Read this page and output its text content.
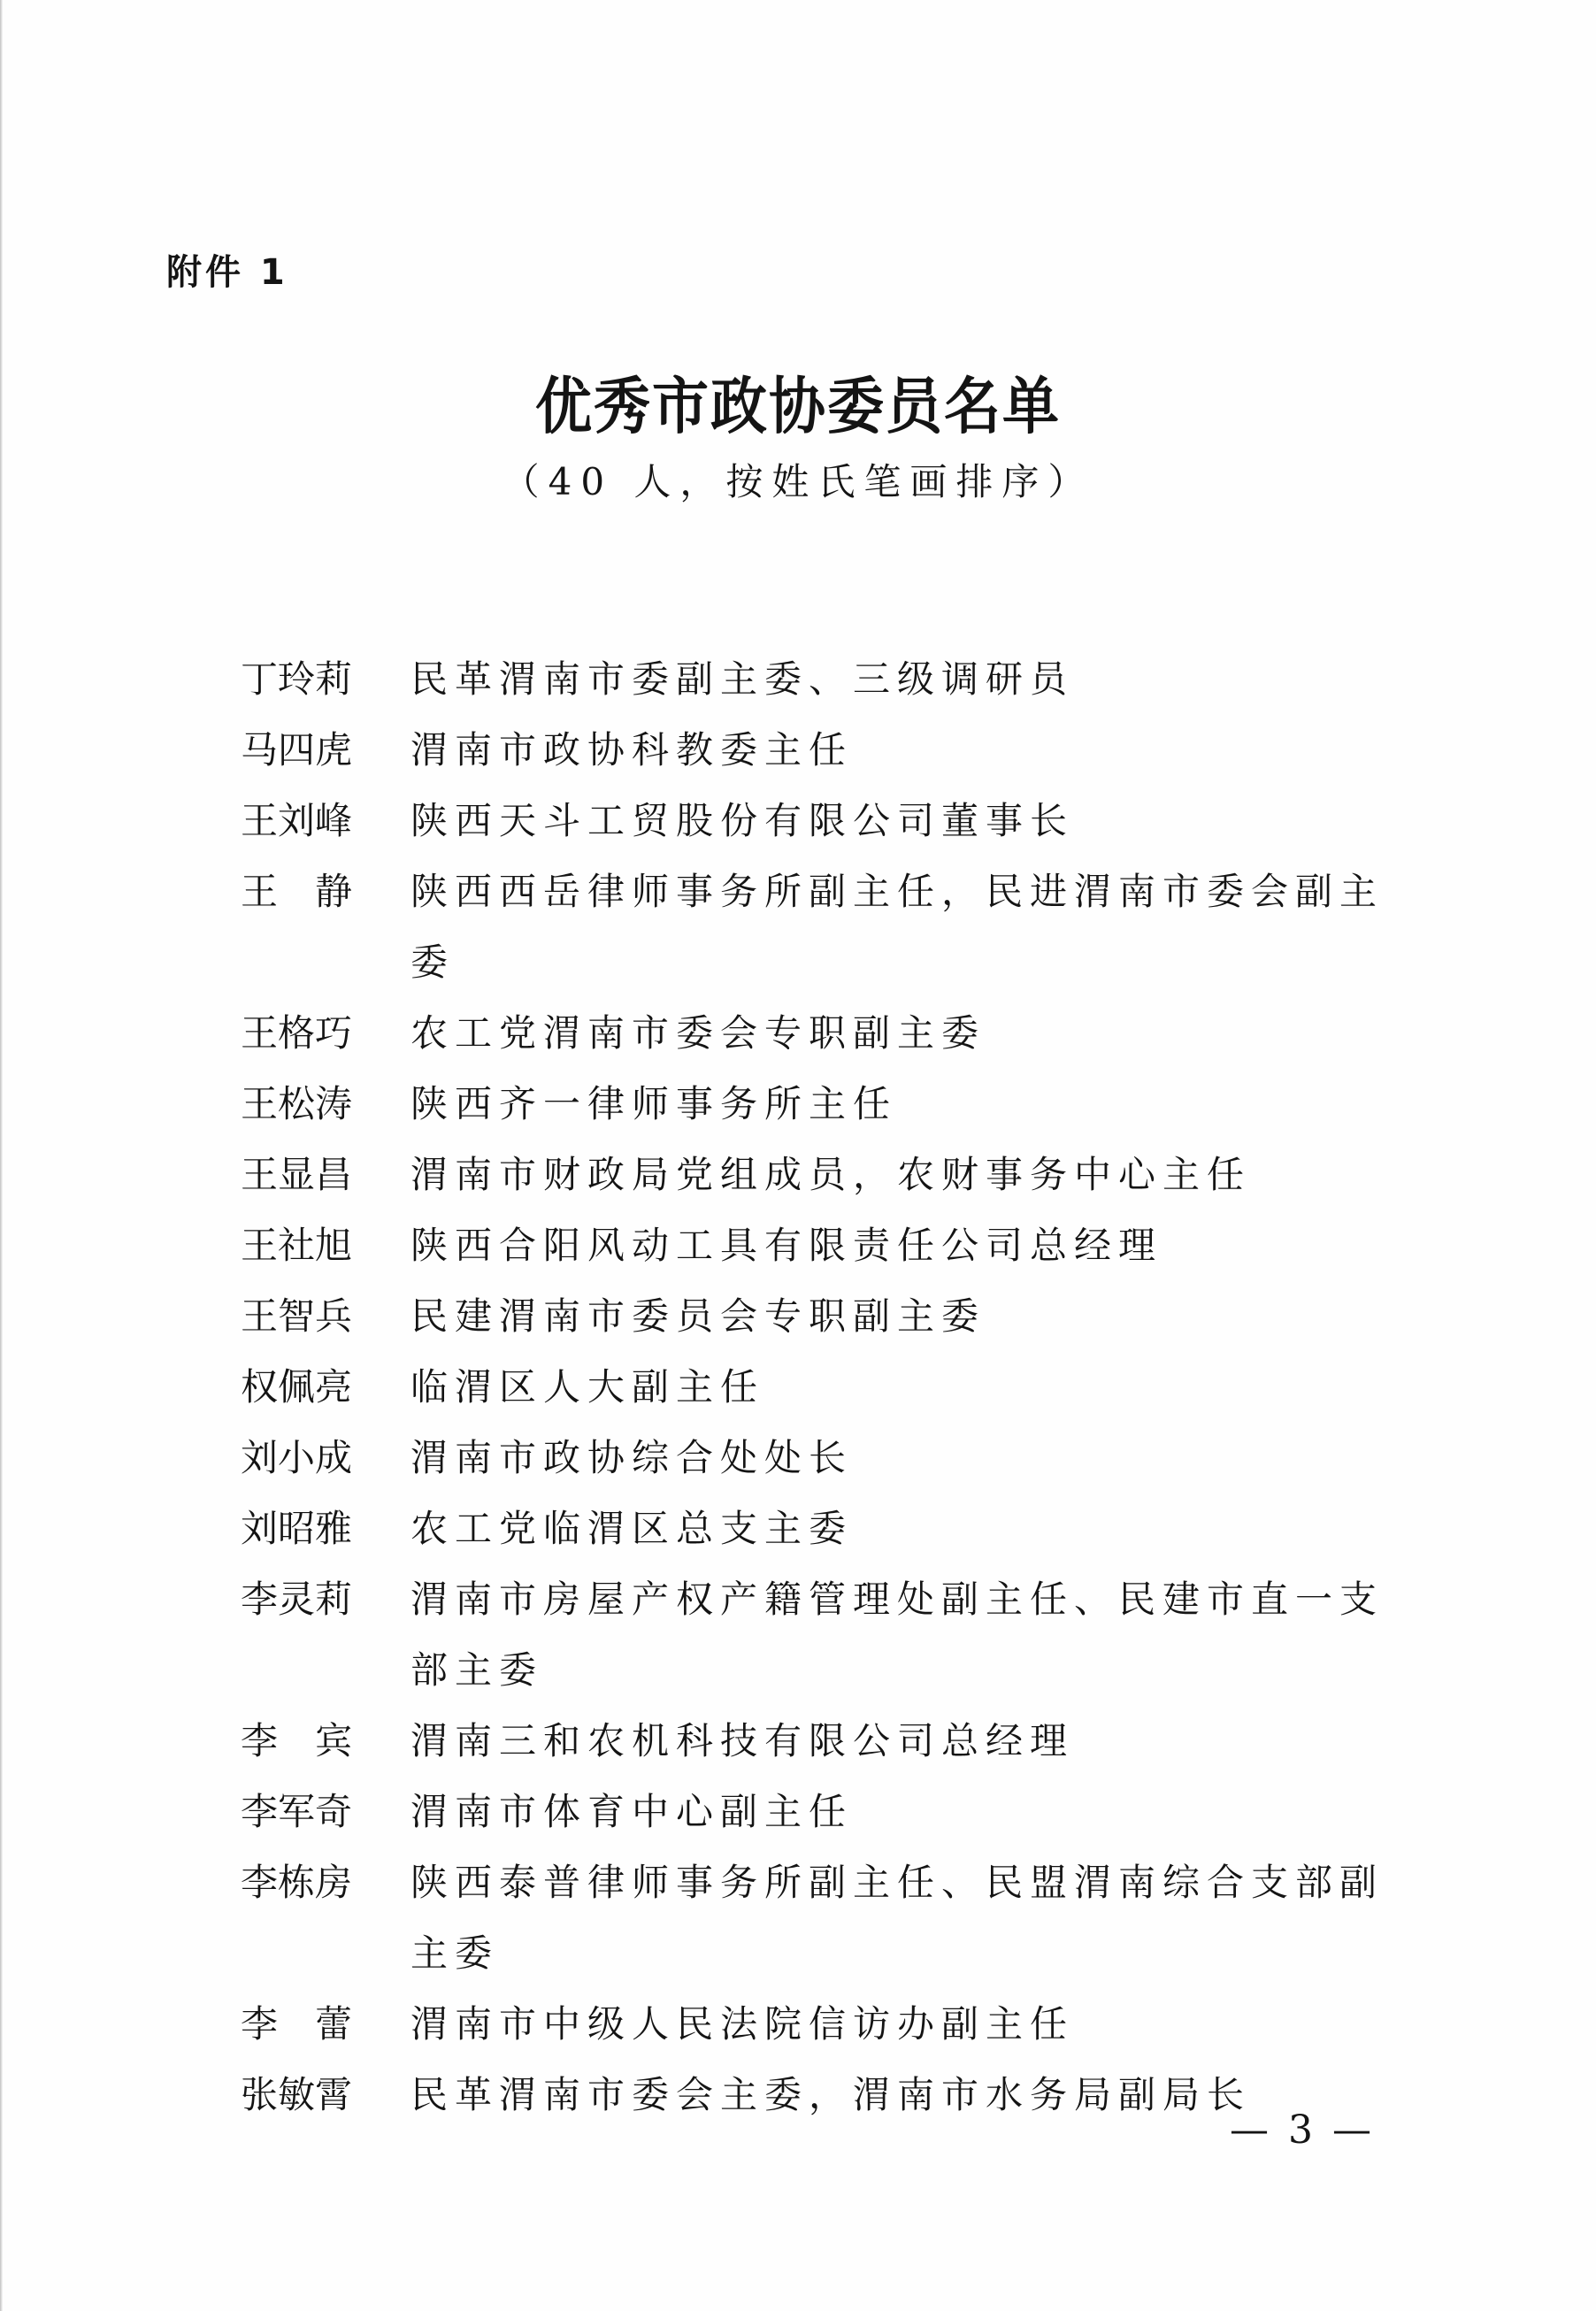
附件 1
优秀市政协委员名单
（40 人，按姓氏笔画排序）
丁玲莉 民革渭南市委副主委、三级调研员
马四虎 渭南市政协科教委主任
王刘峰 陕西天斗工贸股份有限公司董事长
王　静 陕西西岳律师事务所副主任，民进渭南市委会副主委
王格巧 农工党渭南市委会专职副主委
王松涛 陕西齐一律师事务所主任
王显昌 渭南市财政局党组成员，农财事务中心主任
王社旭 陕西合阳风动工具有限责任公司总经理
王智兵 民建渭南市委员会专职副主委
权佩亮 临渭区人大副主任
刘小成 渭南市政协综合处处长
刘昭雅 农工党临渭区总支主委
李灵莉 渭南市房屋产权产籍管理处副主任、民建市直一支部主委
李　宾 渭南三和农机科技有限公司总经理
李军奇 渭南市体育中心副主任
李栋房 陕西泰普律师事务所副主任、民盟渭南综合支部副主委
李　蕾 渭南市中级人民法院信访办副主任
张敏霄 民革渭南市委会主委，渭南市水务局副局长
— 3 —
